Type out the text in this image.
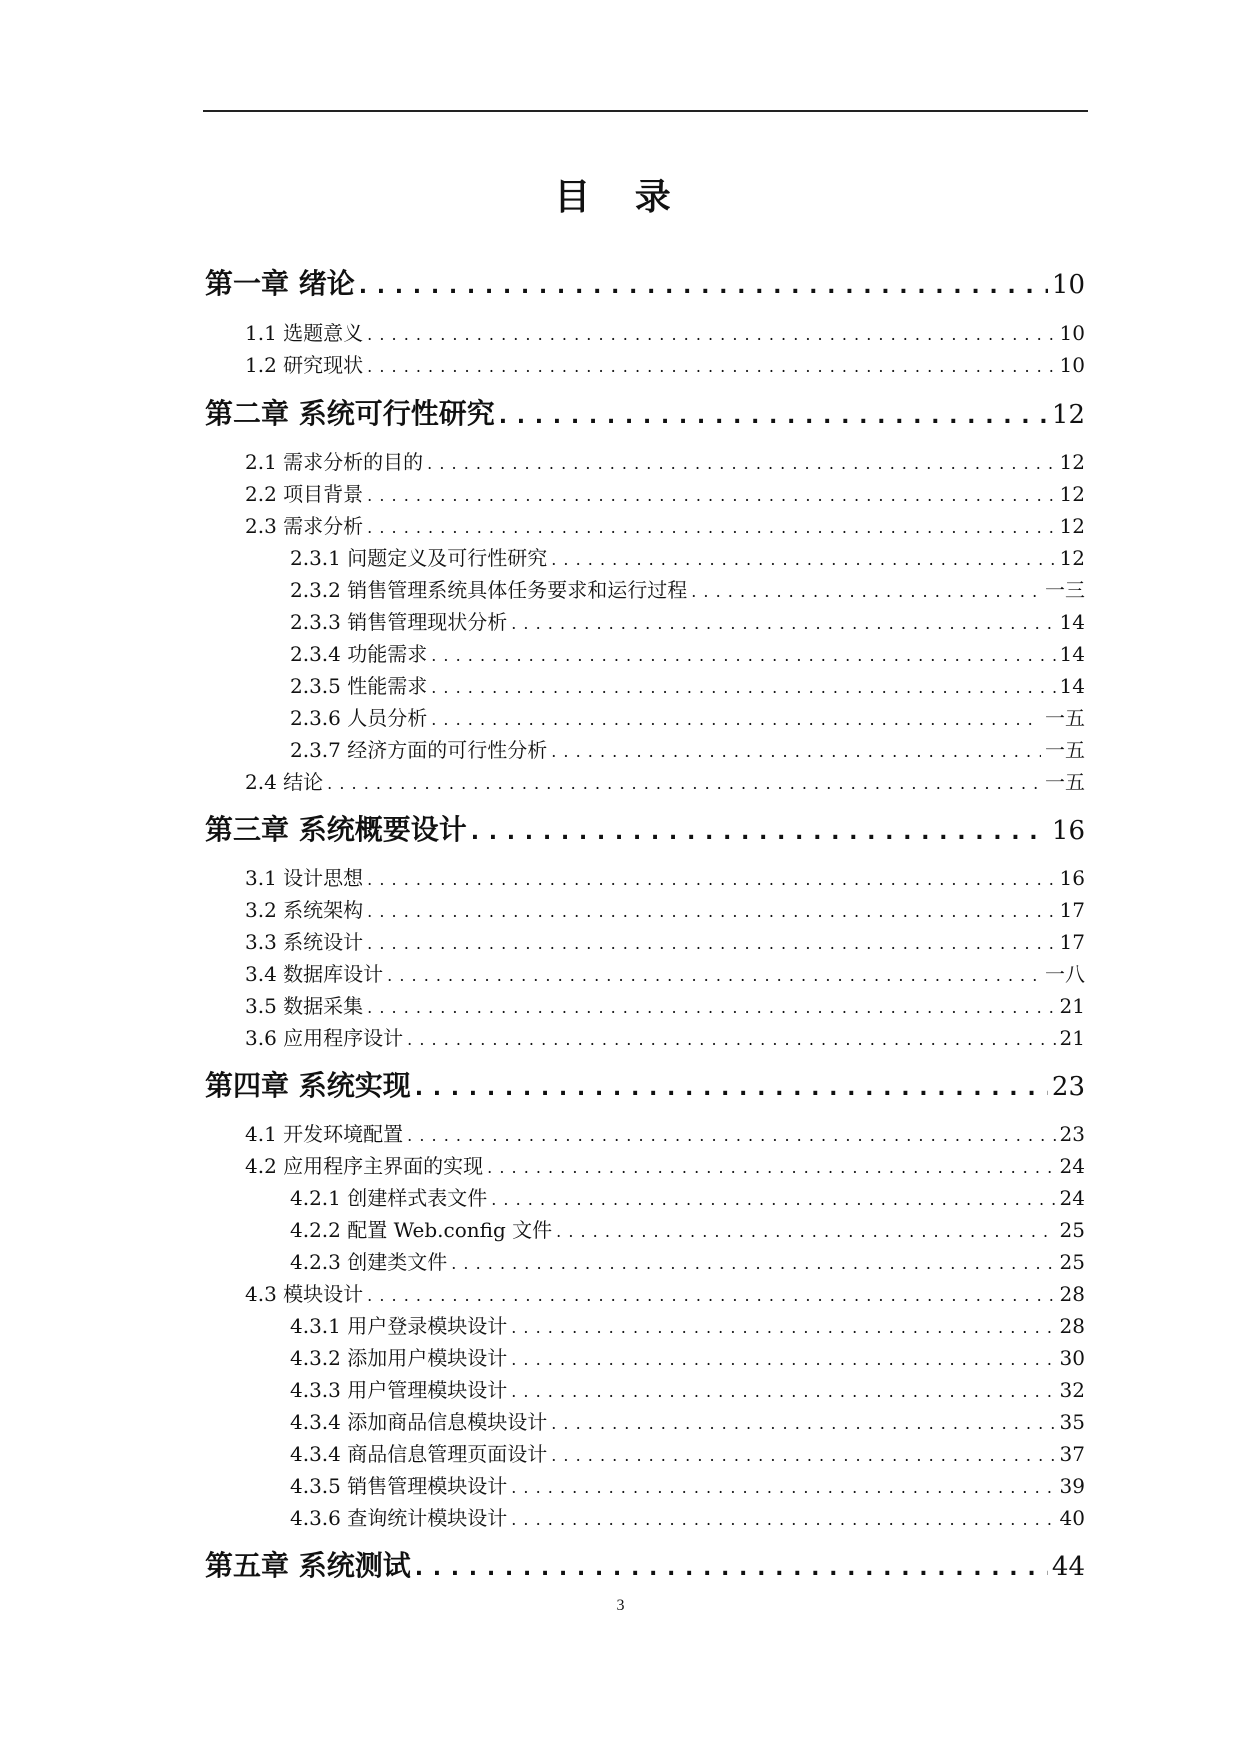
目 录
第一章 绪论 . . .	10
1.1 选题意义 . . .	10
1.2 研究现状 . . .	10
第二章 系统可行性研究 . . .	12
2.1 需求分析的目的 . . .	12
2.2 项目背景 . . .	12
2.3 需求分析 . . .	12
2.3.1 问题定义及可行性研究 . . .	12
2.3.2 销售管理系统具体任务要求和运行过程 . . .	一三
2.3.3 销售管理现状分析 . . .	14
2.3.4 功能需求 . . .	14
2.3.5 性能需求 . . .	14
2.3.6 人员分析 . . .	一五
2.3.7 经济方面的可行性分析 . . .	一五
2.4 结论 . . .	一五
第三章 系统概要设计 . . .	16
3.1 设计思想 . . .	16
3.2 系统架构 . . .	17
3.3 系统设计 . . .	17
3.4 数据库设计 . . .	一八
3.5 数据采集 . . .	21
3.6 应用程序设计 . . .	21
第四章 系统实现 . . .	23
4.1 开发环境配置 . . .	23
4.2 应用程序主界面的实现 . . .	24
4.2.1 创建样式表文件 . . .	24
4.2.2 配置 Web.config 文件 . . .	25
4.2.3 创建类文件 . . .	25
4.3 模块设计 . . .	28
4.3.1 用户登录模块设计 . . .	28
4.3.2 添加用户模块设计 . . .	30
4.3.3 用户管理模块设计 . . .	32
4.3.4 添加商品信息模块设计 . . .	35
4.3.4 商品信息管理页面设计 . . .	37
4.3.5 销售管理模块设计 . . .	39
4.3.6 查询统计模块设计 . . .	40
第五章 系统测试 . . .	44
3
